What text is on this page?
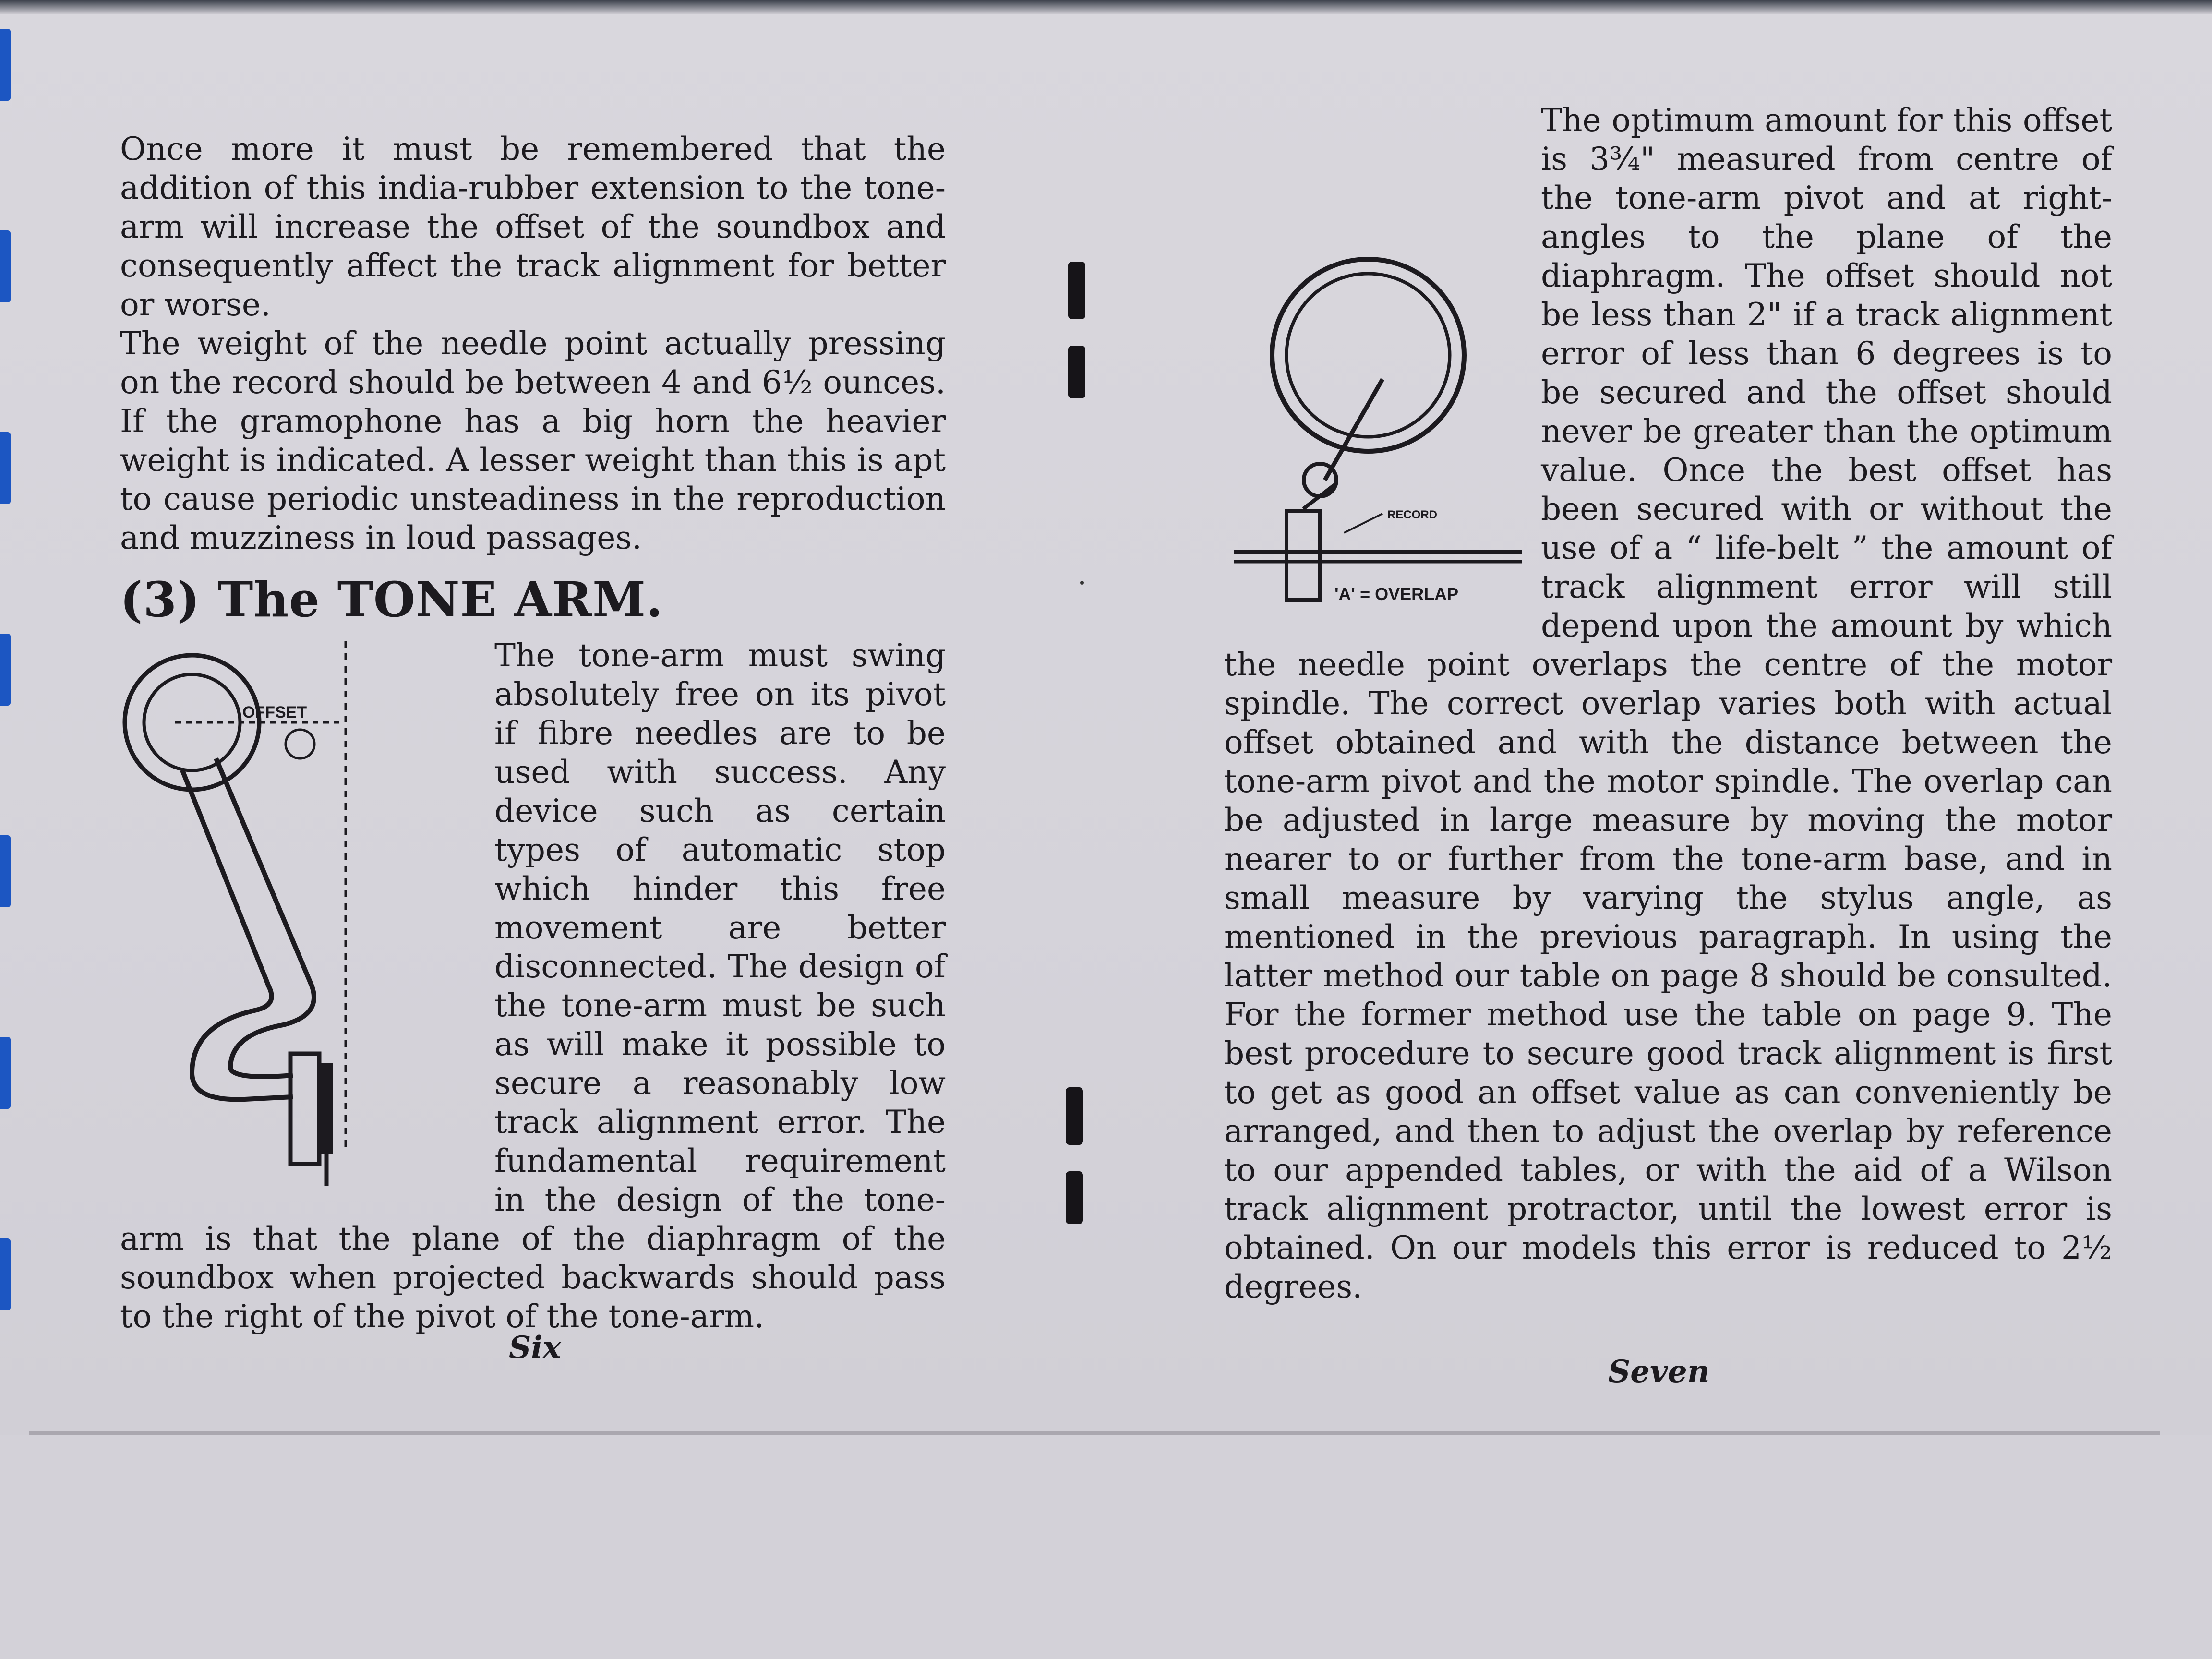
Once more it must be remembered that the addition of this india-rubber extension to the tone-arm will increase the offset of the soundbox and consequently affect the track alignment for better or worse.

The weight of the needle point actually pressing on the record should be between 4 and 6½ ounces. If the gramophone has a big horn the heavier weight is indicated. A lesser weight than this is apt to cause periodic unsteadiness in the reproduction and muzziness in loud passages.

(3) The TONE ARM.

OFFSET
The tone-arm must swing absolutely free on its pivot if fibre needles are to be used with success. Any device such as certain types of automatic stop which hinder this free movement are better disconnected. The design of the tone-arm must be such as will make it possible to secure a reasonably low track alignment error. The fundamental requirement in the design of the tone-arm is that the plane of the diaphragm of the soundbox when projected backwards should pass to the right of the pivot of the tone-arm.

Six

RECORD
'A' = OVERLAP
The optimum amount for this offset is 3¾" measured from centre of the tone-arm pivot and at right-angles to the plane of the diaphragm. The offset should not be less than 2" if a track alignment error of less than 6 degrees is to be secured and the offset should never be greater than the optimum value. Once the best offset has been secured with or without the use of a “ life-belt ” the amount of track alignment error will still depend upon the amount by which the needle point overlaps the centre of the motor spindle. The correct overlap varies both with actual offset obtained and with the distance between the tone-arm pivot and the motor spindle. The overlap can be adjusted in large measure by moving the motor nearer to or further from the tone-arm base, and in small measure by varying the stylus angle, as mentioned in the previous paragraph. In using the latter method our table on page 8 should be consulted. For the former method use the table on page 9. The best procedure to secure good track alignment is first to get as good an offset value as can conveniently be arranged, and then to adjust the overlap by reference to our appended tables, or with the aid of a Wilson track alignment protractor, until the lowest error is obtained. On our models this error is reduced to 2½ degrees.

Seven
